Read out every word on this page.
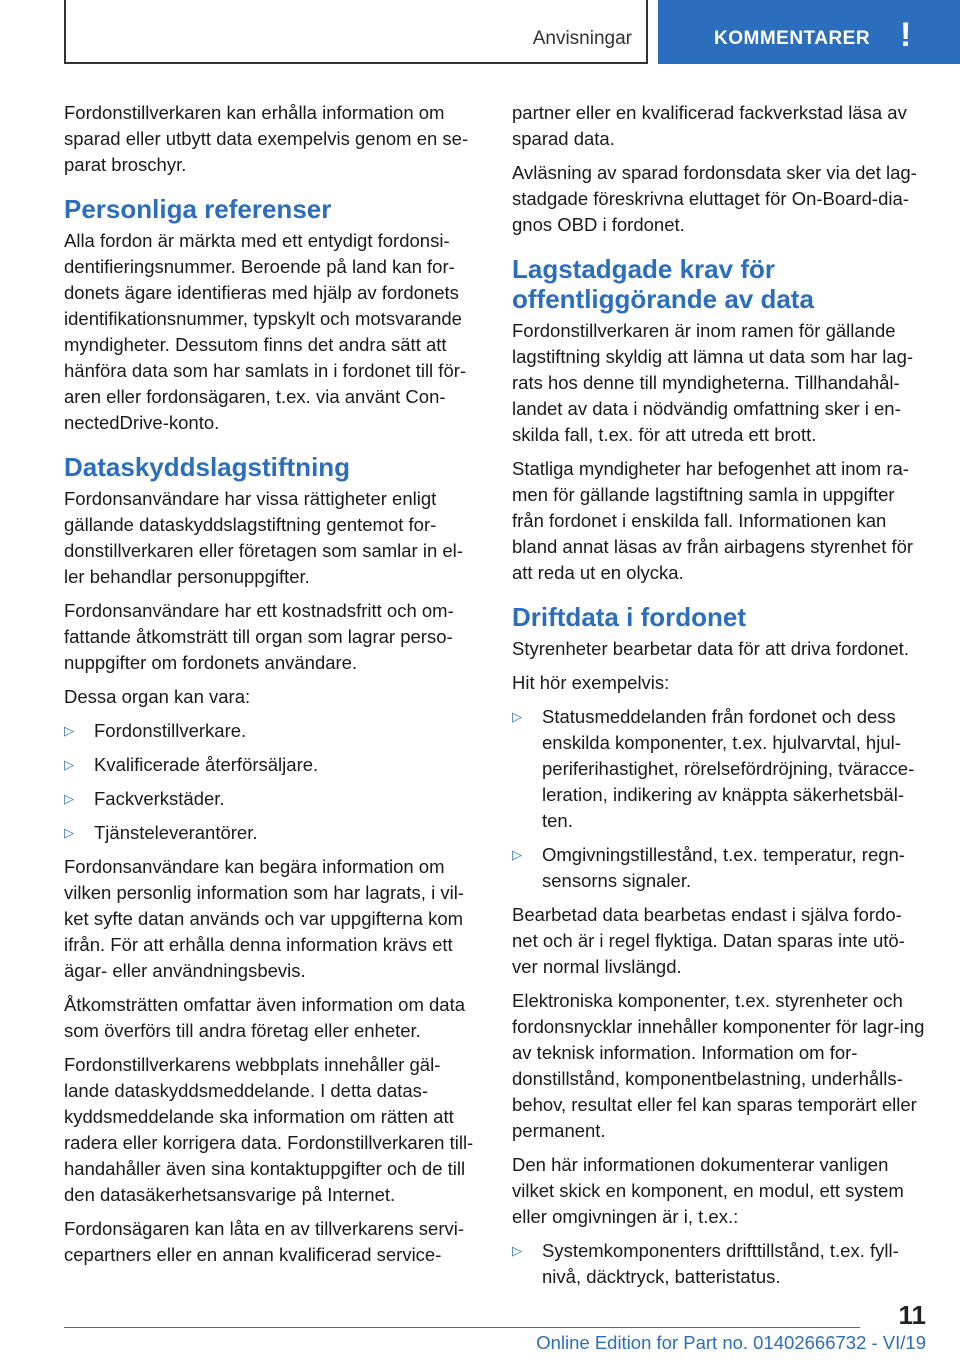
Anvisningar	KOMMENTARER !

Fordonstillverkaren kan erhålla information om sparad eller utbytt data exempelvis genom en se-parat broschyr.

Personliga referenser

Alla fordon är märkta med ett entydigt fordonsi-dentifieringsnummer. Beroende på land kan for-donets ägare identifieras med hjälp av fordonets identifikationsnummer, typskylt och motsvarande myndigheter. Dessutom finns det andra sätt att hänföra data som har samlats in i fordonet till för-aren eller fordonsägaren, t.ex. via använt Con-nectedDrive-konto.

Dataskyddslagstiftning

Fordonsanvändare har vissa rättigheter enligt gällande dataskyddslagstiftning gentemot for-donstillverkaren eller företagen som samlar in el-ler behandlar personuppgifter.

Fordonsanvändare har ett kostnadsfritt och om-fattande åtkomsträtt till organ som lagrar perso-nuppgifter om fordonets användare.

Dessa organ kan vara:

▷	Fordonstillverkare.
▷	Kvalificerade återförsäljare.
▷	Fackverkstäder.
▷	Tjänsteleverantörer.

Fordonsanvändare kan begära information om vilken personlig information som har lagrats, i vil-ket syfte datan används och var uppgifterna kom ifrån. För att erhålla denna information krävs ett ägar- eller användningsbevis.

Åtkomsträtten omfattar även information om data som överförs till andra företag eller enheter.

Fordonstillverkarens webbplats innehåller gäl-lande dataskyddsmeddelande. I detta datas-kyddsmeddelande ska information om rätten att radera eller korrigera data. Fordonstillverkaren till-handahåller även sina kontaktuppgifter och de till den datasäkerhetsansvarige på Internet.

Fordonsägaren kan låta en av tillverkarens servi-cepartners eller en annan kvalificerad service-

partner eller en kvalificerad fackverkstad läsa av sparad data.

Avläsning av sparad fordonsdata sker via det lag-stadgade föreskrivna eluttaget för On-Board-dia-gnos OBD i fordonet.

Lagstadgade krav för offentliggörande av data

Fordonstillverkaren är inom ramen för gällande lagstiftning skyldig att lämna ut data som har lag-rats hos denne till myndigheterna. Tillhandahål-landet av data i nödvändig omfattning sker i en-skilda fall, t.ex. för att utreda ett brott.

Statliga myndigheter har befogenhet att inom ra-men för gällande lagstiftning samla in uppgifter från fordonet i enskilda fall. Informationen kan bland annat läsas av från airbagens styrenhet för att reda ut en olycka.

Driftdata i fordonet

Styrenheter bearbetar data för att driva fordonet.

Hit hör exempelvis:

▷	Statusmeddelanden från fordonet och dess enskilda komponenter, t.ex. hjulvarvtal, hjul-periferihastighet, rörelsefördröjning, tväracce-leration, indikering av knäppta säkerhetsbäl-ten.
▷	Omgivningstillestånd, t.ex. temperatur, regn-sensorns signaler.

Bearbetad data bearbetas endast i själva fordo-net och är i regel flyktiga. Datan sparas inte utö-ver normal livslängd.

Elektroniska komponenter, t.ex. styrenheter och fordonsnycklar innehåller komponenter för lagr-ing av teknisk information. Information om for-donstillstånd, komponentbelastning, underhålls-behov, resultat eller fel kan sparas temporärt eller permanent.

Den här informationen dokumenterar vanligen vilket skick en komponent, en modul, ett system eller omgivningen är i, t.ex.:

▷	Systemkomponenters drifttillstånd, t.ex. fyll-nivå, däcktryck, batteristatus.
11
Online Edition for Part no. 01402666732 - VI/19
